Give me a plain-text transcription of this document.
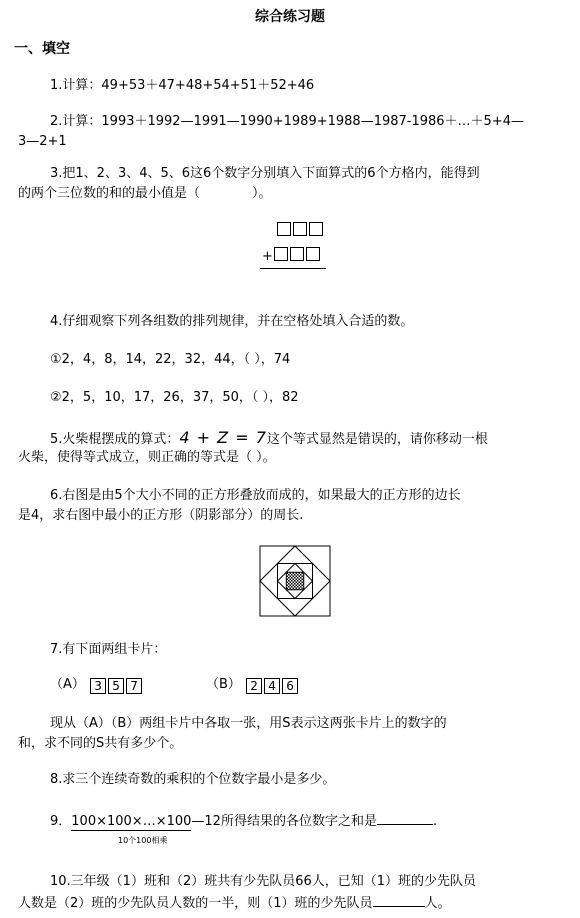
综合练习题
一、填空
1.计算：49+53＋47+48+54+51＋52+46
2.计算：1993＋1992—1991—1990+1989+1988—1987-1986＋…＋5+4—
3—2+1
3.把1、2、3、4、5、6这6个数字分别填入下面算式的6个方格内，能得到
的两个三位数的和的最小值是（　　　　）。
+
4.仔细观察下列各组数的排列规律，并在空格处填入合适的数。
①2，4，8，14，22，32，44，（ ），74
②2，5，10，17，26，37，50，（ ），82
5.火柴棍摆成的算式：4 + Z = 7这个等式显然是错误的，请你移动一根
火柴，使得等式成立，则正确的等式是（ ）。
6.右图是由5个大小不同的正方形叠放而成的，如果最大的正方形的边长
是4，求右图中最小的正方形（阴影部分）的周长.
7.有下面两组卡片：
（A） 3 5 7	（B） 2 4 6
现从（A）（B）两组卡片中各取一张，用S表示这两张卡片上的数字的
和，求不同的S共有多少个。
8.求三个连续奇数的乘积的个位数字最小是多少。
9．100×100×…×100—12所得结果的各位数字之和是	.
10个100相乘
10.三年级（1）班和（2）班共有少先队员66人，已知（1）班的少先队员
人数是（2）班的少先队员人数的一半，则（1）班的少先队员	人。
